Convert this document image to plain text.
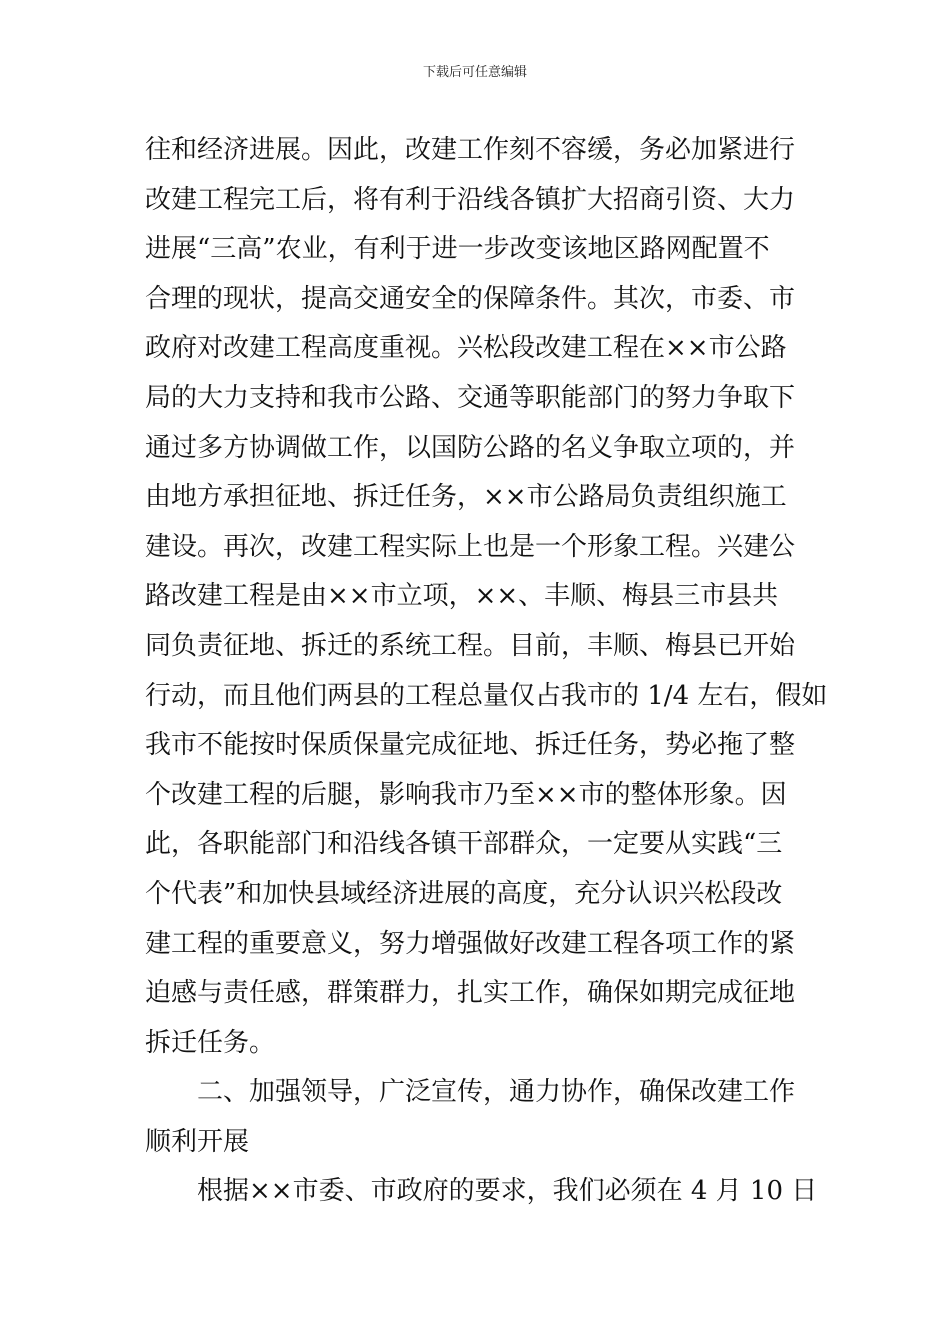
下载后可任意编辑
往和经济进展。因此，改建工作刻不容缓，务必加紧进行
改建工程完工后，将有利于沿线各镇扩大招商引资、大力
进展“三高”农业，有利于进一步改变该地区路网配置不
合理的现状，提高交通安全的保障条件。其次，市委、市
政府对改建工程高度重视。兴松段改建工程在××市公路
局的大力支持和我市公路、交通等职能部门的努力争取下
通过多方协调做工作，以国防公路的名义争取立项的，并
由地方承担征地、拆迁任务，××市公路局负责组织施工
建设。再次，改建工程实际上也是一个形象工程。兴建公
路改建工程是由××市立项，××、丰顺、梅县三市县共
同负责征地、拆迁的系统工程。目前，丰顺、梅县已开始
行动，而且他们两县的工程总量仅占我市的 1/4 左右，假如
我市不能按时保质保量完成征地、拆迁任务，势必拖了整
个改建工程的后腿，影响我市乃至××市的整体形象。因
此，各职能部门和沿线各镇干部群众，一定要从实践“三
个代表”和加快县域经济进展的高度，充分认识兴松段改
建工程的重要意义，努力增强做好改建工程各项工作的紧
迫感与责任感，群策群力，扎实工作，确保如期完成征地
拆迁任务。
二、加强领导，广泛宣传，通力协作，确保改建工作
顺利开展
根据××市委、市政府的要求，我们必须在 4 月 10 日
